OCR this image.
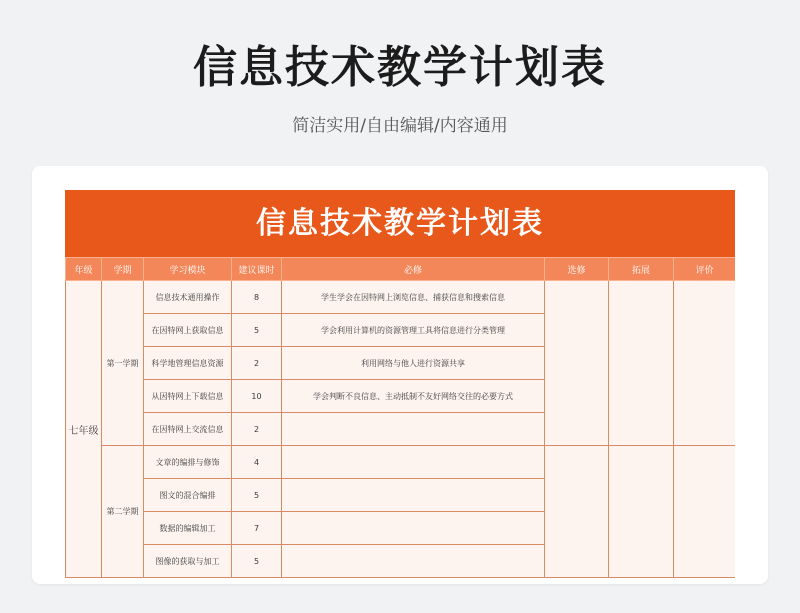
信息技术教学计划表
简洁实用/自由编辑/内容通用
信息技术教学计划表
年级	学期	学习模块	建议课时	必修	选修	拓展	评价
七年级	第一学期	信息技术通用操作	8	学生学会在因特网上浏览信息、捕获信息和搜索信息			
		在因特网上获取信息	5	学会利用计算机的资源管理工具将信息进行分类管理			
		科学地管理信息资源	2	利用网络与他人进行资源共享			
		从因特网上下载信息	10	学会判断不良信息、主动抵制不友好网络交往的必要方式			
		在因特网上交流信息	2				
	第二学期	文章的编排与修饰	4				
		图文的混合编排	5				
		数据的编辑加工	7				
		图像的获取与加工	5				
